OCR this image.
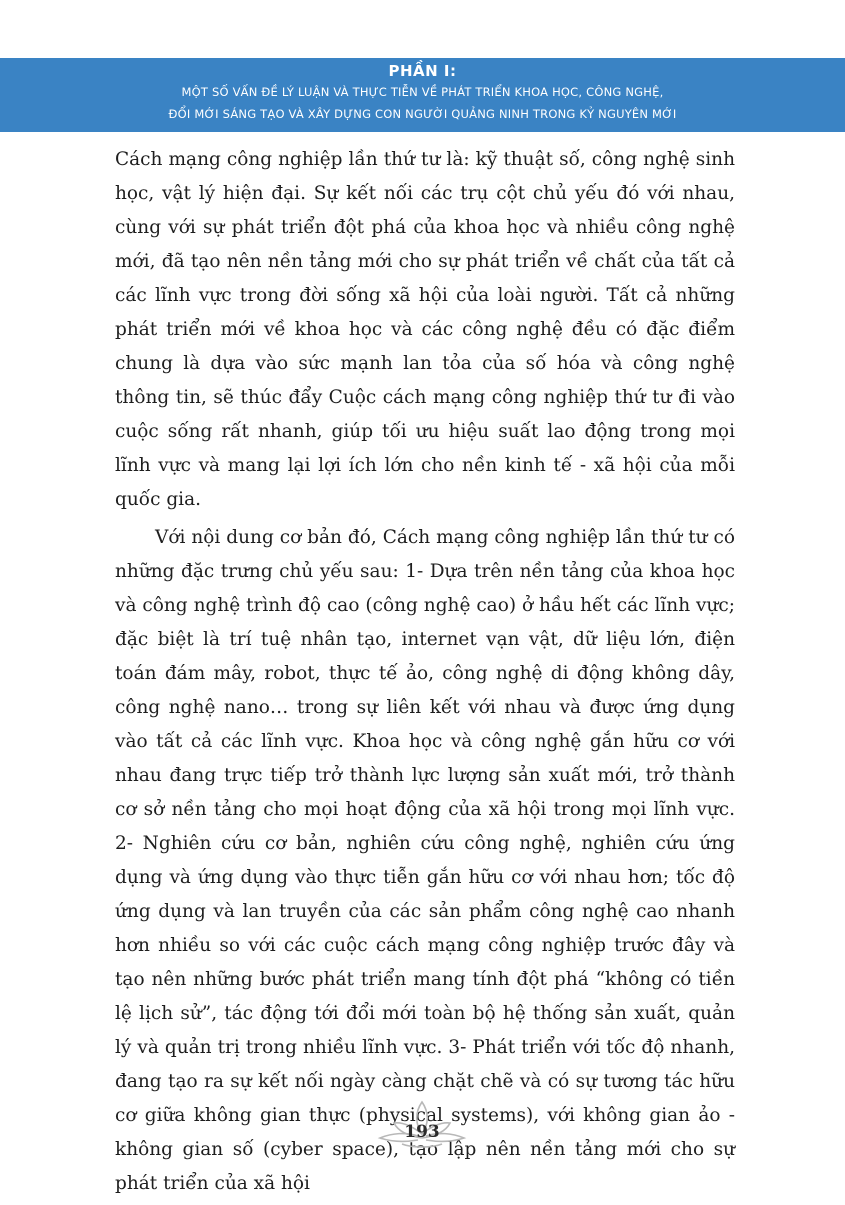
PHẦN I:
MỘT SỐ VẤN ĐỀ LÝ LUẬN VÀ THỰC TIỄN VỀ PHÁT TRIỂN KHOA HỌC, CÔNG NGHỆ,
ĐỔI MỚI SÁNG TẠO VÀ XÂY DỰNG CON NGƯỜI QUẢNG NINH TRONG KỶ NGUYÊN MỚI

Cách mạng công nghiệp lần thứ tư là: kỹ thuật số, công nghệ sinh học, vật lý hiện đại. Sự kết nối các trụ cột chủ yếu đó với nhau, cùng với sự phát triển đột phá của khoa học và nhiều công nghệ mới, đã tạo nên nền tảng mới cho sự phát triển về chất của tất cả các lĩnh vực trong đời sống xã hội của loài người. Tất cả những phát triển mới về khoa học và các công nghệ đều có đặc điểm chung là dựa vào sức mạnh lan tỏa của số hóa và công nghệ thông tin, sẽ thúc đẩy Cuộc cách mạng công nghiệp thứ tư đi vào cuộc sống rất nhanh, giúp tối ưu hiệu suất lao động trong mọi lĩnh vực và mang lại lợi ích lớn cho nền kinh tế - xã hội của mỗi quốc gia.

Với nội dung cơ bản đó, Cách mạng công nghiệp lần thứ tư có những đặc trưng chủ yếu sau: 1- Dựa trên nền tảng của khoa học và công nghệ trình độ cao (công nghệ cao) ở hầu hết các lĩnh vực; đặc biệt là trí tuệ nhân tạo, internet vạn vật, dữ liệu lớn, điện toán đám mây, robot, thực tế ảo, công nghệ di động không dây, công nghệ nano… trong sự liên kết với nhau và được ứng dụng vào tất cả các lĩnh vực. Khoa học và công nghệ gắn hữu cơ với nhau đang trực tiếp trở thành lực lượng sản xuất mới, trở thành cơ sở nền tảng cho mọi hoạt động của xã hội trong mọi lĩnh vực. 2- Nghiên cứu cơ bản, nghiên cứu công nghệ, nghiên cứu ứng dụng và ứng dụng vào thực tiễn gắn hữu cơ với nhau hơn; tốc độ ứng dụng và lan truyền của các sản phẩm công nghệ cao nhanh hơn nhiều so với các cuộc cách mạng công nghiệp trước đây và tạo nên những bước phát triển mang tính đột phá “không có tiền lệ lịch sử”, tác động tới đổi mới toàn bộ hệ thống sản xuất, quản lý và quản trị trong nhiều lĩnh vực. 3- Phát triển với tốc độ nhanh, đang tạo ra sự kết nối ngày càng chặt chẽ và có sự tương tác hữu cơ giữa không gian thực (physical systems), với không gian ảo - không gian số (cyber space), tạo lập nên nền tảng mới cho sự phát triển của xã hội

193
